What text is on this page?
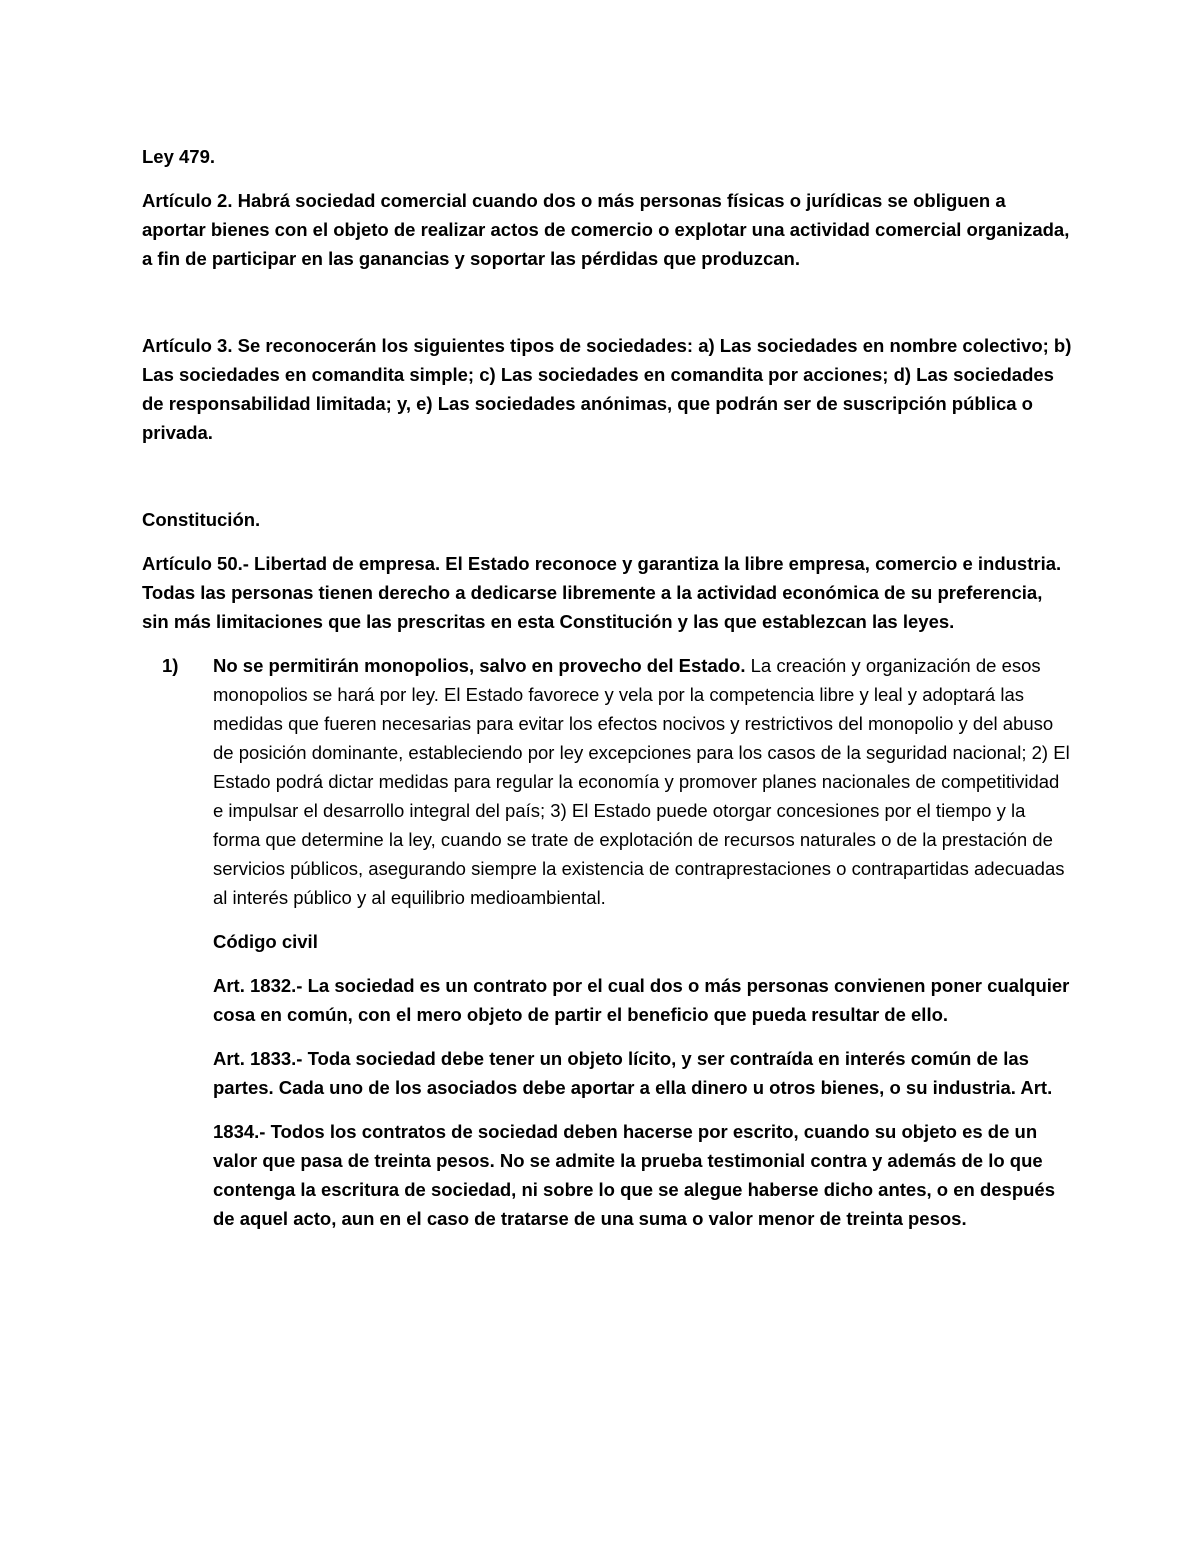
Ley 479.

Artículo 2. Habrá sociedad comercial cuando dos o más personas físicas o jurídicas se obliguen a aportar bienes con el objeto de realizar actos de comercio o explotar una actividad comercial organizada, a fin de participar en las ganancias y soportar las pérdidas que produzcan.

Artículo 3. Se reconocerán los siguientes tipos de sociedades: a) Las sociedades en nombre colectivo; b) Las sociedades en comandita simple; c) Las sociedades en comandita por acciones; d) Las sociedades de responsabilidad limitada; y, e) Las sociedades anónimas, que podrán ser de suscripción pública o privada.

Constitución.

Artículo 50.- Libertad de empresa. El Estado reconoce y garantiza la libre empresa, comercio e industria. Todas las personas tienen derecho a dedicarse libremente a la actividad económica de su preferencia, sin más limitaciones que las prescritas en esta Constitución y las que establezcan las leyes.

1) No se permitirán monopolios, salvo en provecho del Estado. La creación y organización de esos monopolios se hará por ley. El Estado favorece y vela por la competencia libre y leal y adoptará las medidas que fueren necesarias para evitar los efectos nocivos y restrictivos del monopolio y del abuso de posición dominante, estableciendo por ley excepciones para los casos de la seguridad nacional; 2) El Estado podrá dictar medidas para regular la economía y promover planes nacionales de competitividad e impulsar el desarrollo integral del país; 3) El Estado puede otorgar concesiones por el tiempo y la forma que determine la ley, cuando se trate de explotación de recursos naturales o de la prestación de servicios públicos, asegurando siempre la existencia de contraprestaciones o contrapartidas adecuadas al interés público y al equilibrio medioambiental.

Código civil

Art. 1832.- La sociedad es un contrato por el cual dos o más personas convienen poner cualquier cosa en común, con el mero objeto de partir el beneficio que pueda resultar de ello.

Art. 1833.- Toda sociedad debe tener un objeto lícito, y ser contraída en interés común de las partes. Cada uno de los asociados debe aportar a ella dinero u otros bienes, o su industria. Art.

1834.- Todos los contratos de sociedad deben hacerse por escrito, cuando su objeto es de un valor que pasa de treinta pesos. No se admite la prueba testimonial contra y además de lo que contenga la escritura de sociedad, ni sobre lo que se alegue haberse dicho antes, o en después de aquel acto, aun en el caso de tratarse de una suma o valor menor de treinta pesos.
